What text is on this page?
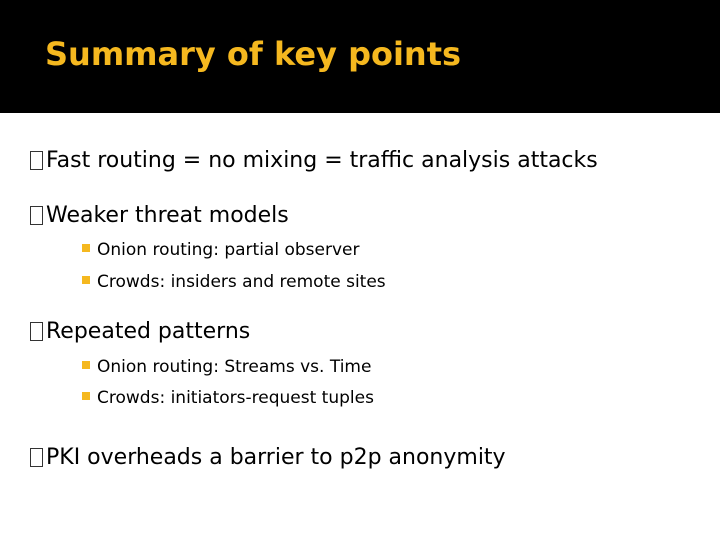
Summary of key points
Fast routing = no mixing = traffic analysis attacks
Weaker threat models
Onion routing: partial observer
Crowds: insiders and remote sites
Repeated patterns
Onion routing: Streams vs. Time
Crowds: initiators-request tuples
PKI overheads a barrier to p2p anonymity
